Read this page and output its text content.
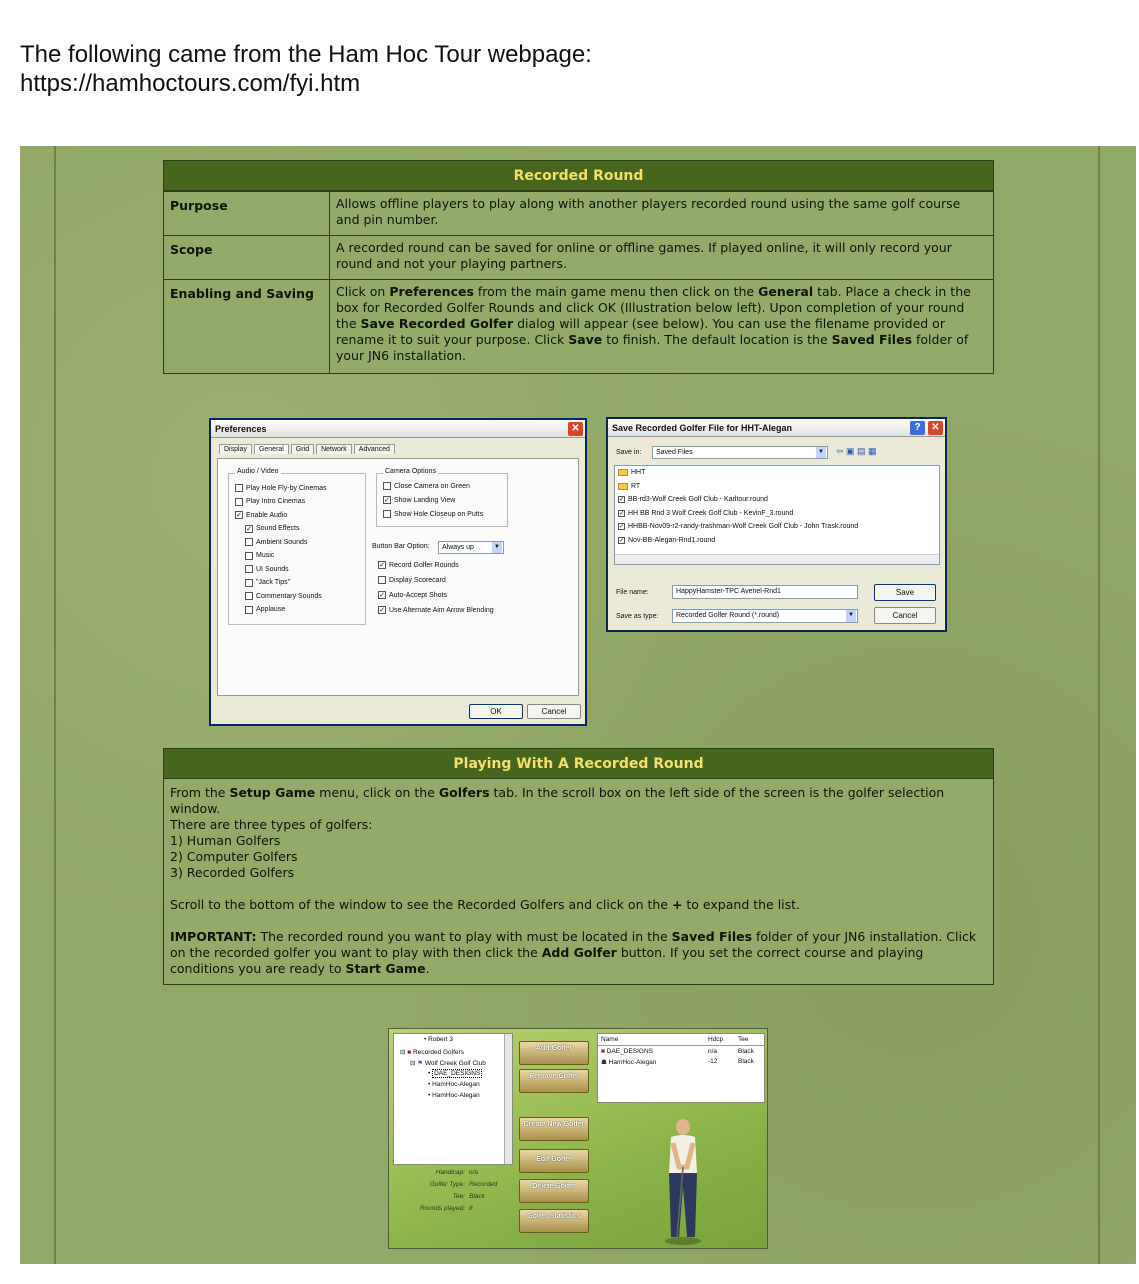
The following came from the Ham Hoc Tour webpage:
https://hamhoctours.com/fyi.htm
Recorded Round
Purpose	Allows offline players to play along with another players recorded round using the same golf course and pin number.
Scope	A recorded round can be saved for online or offline games. If played online, it will only record your round and not your playing partners.
Enabling and Saving	Click on Preferences from the main game menu then click on the General tab. Place a check in the box for Recorded Golfer Rounds and click OK (Illustration below left). Upon completion of your round the Save Recorded Golfer dialog will appear (see below). You can use the filename provided or rename it to suit your purpose. Click Save to finish. The default location is the Saved Files folder of your JN6 installation.
Preferences	✕
Display	General	Grid	Network	Advanced
Audio / Video
Play Hole Fly-by Cinemas
Play Intro Cinemas
✓ Enable Audio
✓ Sound Effects
Ambient Sounds
Music
UI Sounds
"Jack Tips"
Commentary Sounds
Applause
Camera Options
Close Camera on Green
✓ Show Landing View
Show Hole Closeup on Putts
Button Bar Option:	Always up	▼
✓ Record Golfer Rounds
Display Scorecard
✓ Auto-Accept Shots
✓ Use Alternate Aim Arrow Blending
OK	Cancel
Save Recorded Golfer File for HHT-Alegan	?	✕
Save in:	Saved Files	▼ ⇦ ▣ ▤ ▦
HHT
RT
✓ BB-rd3-Wolf Creek Golf Club - Karltour.round
✓ HH BB Rnd 3 Wolf Creek Golf Club - KevinF_3.round
✓ HHBB-Nov09-r2-randy-trashman-Wolf Creek Golf Club - John Trask.round
✓ Nov-BB-Alegan-Rnd1.round
File name:	HappyHamster-TPC Avenel-Rnd1
Save as type:	Recorded Golfer Round (*.round)	▼
Save
Cancel
Playing With A Recorded Round
From the Setup Game menu, click on the Golfers tab. In the scroll box on the left side of the screen is the golfer selection window.
There are three types of golfers:
1) Human Golfers
2) Computer Golfers
3) Recorded Golfers
Scroll to the bottom of the window to see the Recorded Golfers and click on the + to expand the list.
IMPORTANT: The recorded round you want to play with must be located in the Saved Files folder of your JN6 installation. Click on the recorded golfer you want to play with then click the Add Golfer button. If you set the correct course and playing conditions you are ready to Start Game.
• Robert 3
⊟ ■ Recorded Golfers
⊟ ⚑ Wolf Creek Golf Club
• DAE_DESIGNS
• HamHoc-Alegan
• HamHoc-Alegan
Add Golfer
Remove Golfer
Create New Golfer
Edit Golfer
Delete Golfer
Golfer Statistics
Name	Hdcp Tee
■ DAE_DESIGNS	n/a	Black
☗ HamHoc-Alegan	-12	Black
Handicap: n/a
Golfer Type: Recorded
Tee: Black
Rounds played: 8
